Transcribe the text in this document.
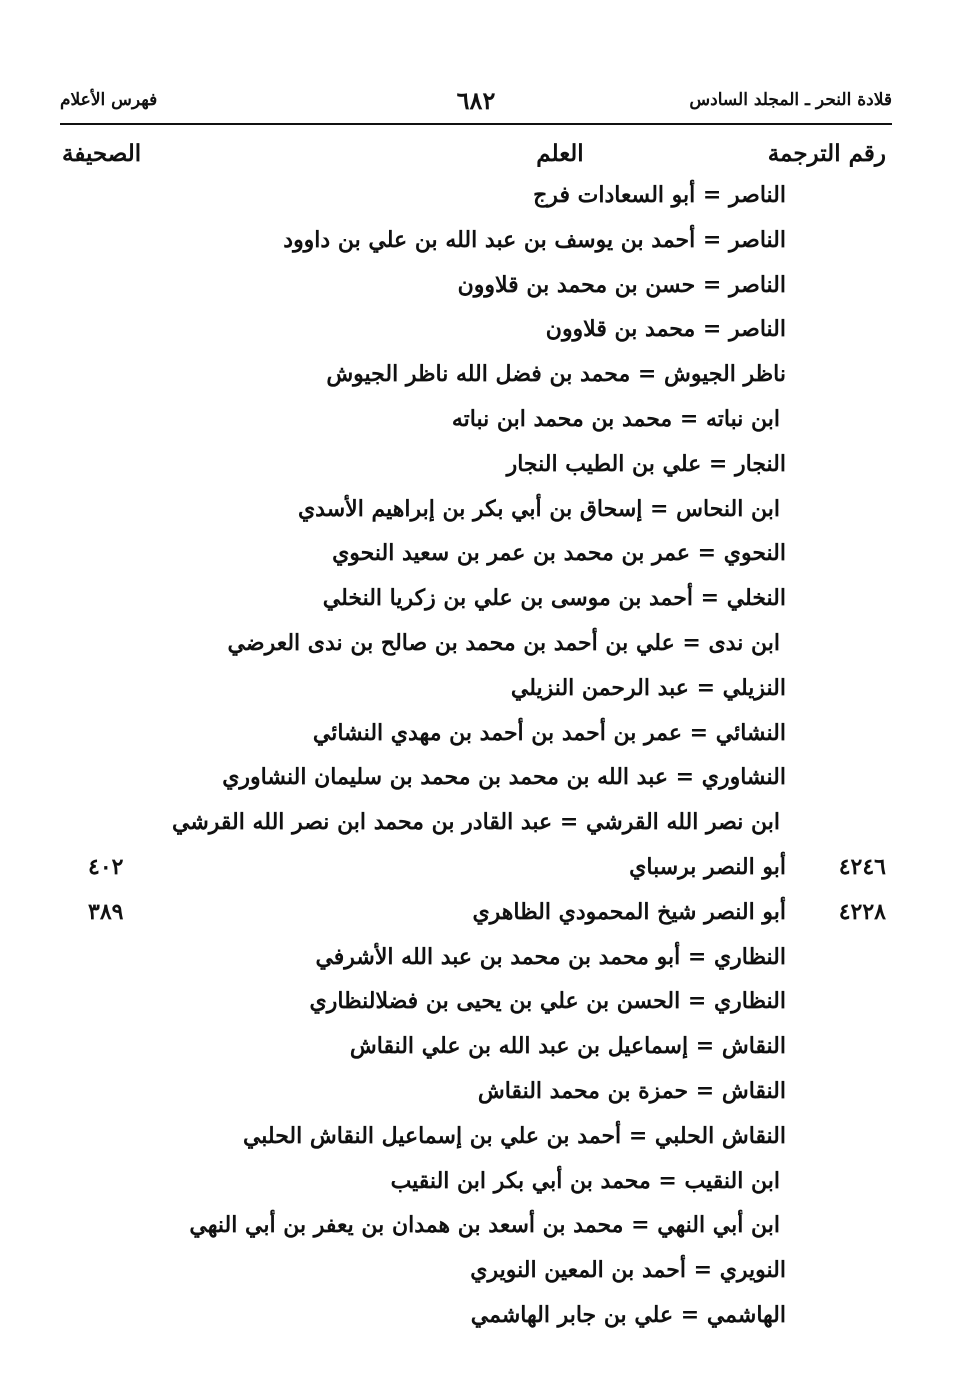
قلادة النحر ـ المجلد السادس
٦٨٢
فهرس الأعلام
رقم الترجمة
العلم
الصحيفة
الناصر = أبو السعادات فرج
الناصر = أحمد بن يوسف بن عبد الله بن علي بن داوود
الناصر = حسن بن محمد بن قلاوون
الناصر = محمد بن قلاوون
ناظر الجيوش = محمد بن فضل الله ناظر الجيوش
ابن نباته = محمد بن محمد ابن نباته
النجار = علي بن الطيب النجار
ابن النحاس = إسحاق بن أبي بكر بن إبراهيم الأسدي
النحوي = عمر بن محمد بن عمر بن سعيد النحوي
النخلي = أحمد بن موسى بن علي بن زكريا النخلي
ابن ندى = علي بن أحمد بن محمد بن صالح بن ندى العرضي
النزيلي = عبد الرحمن النزيلي
النشائي = عمر بن أحمد بن أحمد بن مهدي النشائي
النشاوري = عبد الله بن محمد بن محمد بن سليمان النشاوري
ابن نصر الله القرشي = عبد القادر بن محمد ابن نصر الله القرشي
أبو النصر برسباي ٤٢٤٦
٤٠٢
أبو النصر شيخ المحمودي الظاهري ٤٢٢٨
٣٨٩
النظاري = أبو محمد بن محمد بن عبد الله الأشرفي
النظاري = الحسن بن علي بن يحيى بن فضلالنظاري
النقاش = إسماعيل بن عبد الله بن علي النقاش
النقاش = حمزة بن محمد النقاش
النقاش الحلبي = أحمد بن علي بن إسماعيل النقاش الحلبي
ابن النقيب = محمد بن أبي بكر ابن النقيب
ابن أبي النهي = محمد بن أسعد بن همدان بن يعفر بن أبي النهي
النويري = أحمد بن المعين النويري
الهاشمي = علي بن جابر الهاشمي
